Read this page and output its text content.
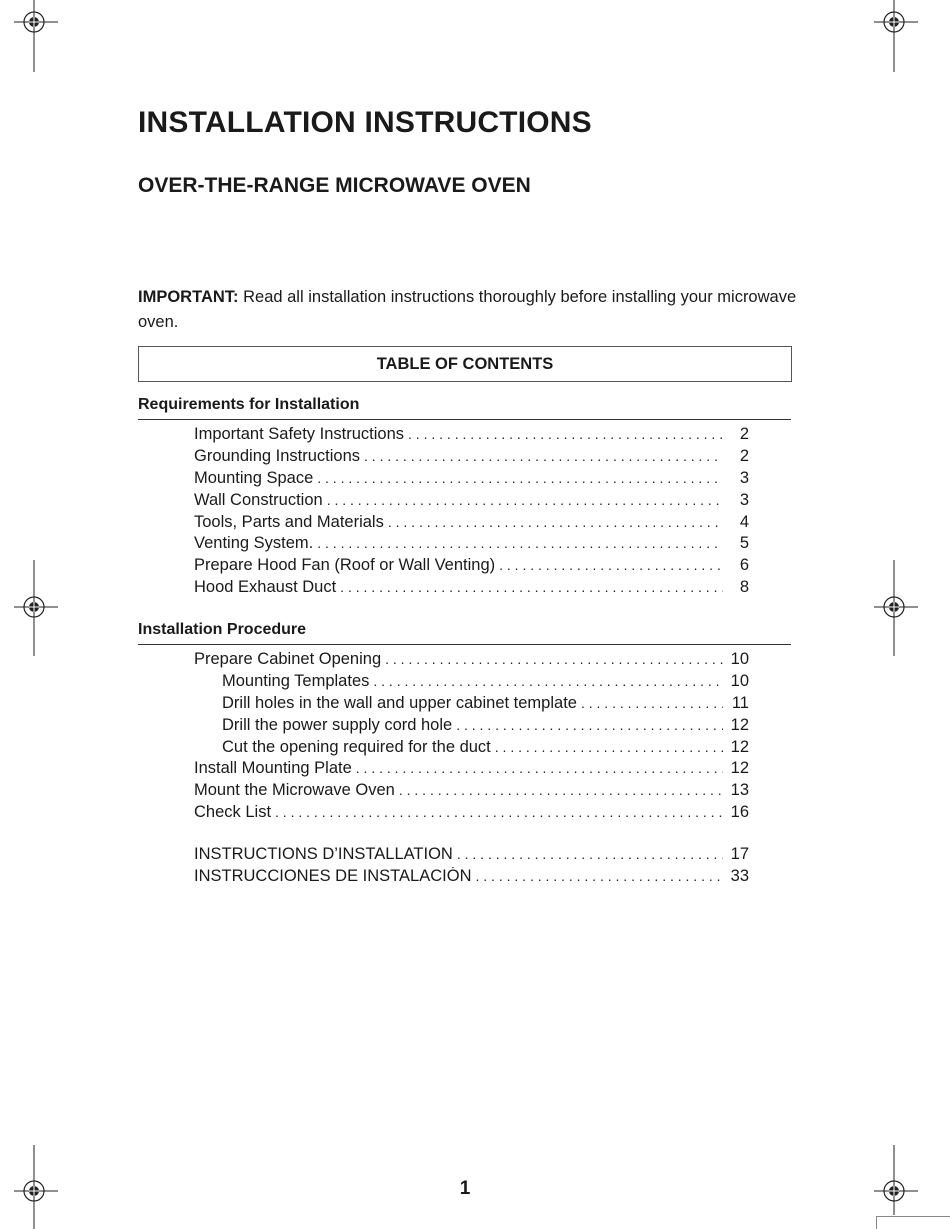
INSTALLATION INSTRUCTIONS
OVER-THE-RANGE MICROWAVE OVEN

IMPORTANT: Read all installation instructions thoroughly before installing your microwave oven.

TABLE OF CONTENTS
Requirements for Installation
Important Safety Instructions . . .	2
Grounding Instructions . . .	2
Mounting Space . . .	3
Wall Construction . . .	3
Tools, Parts and Materials . . .	4
Venting System. . . .	5
Prepare Hood Fan (Roof or Wall Venting) . . .	6
Hood Exhaust Duct . . .	8
Installation Procedure
Prepare Cabinet Opening . . .	10
Mounting Templates . . .	10
Drill holes in the wall and upper cabinet template . . .	11
Drill the power supply cord hole . . .	12
Cut the opening required for the duct . . .	12
Install Mounting Plate . . .	12
Mount the Microwave Oven . . .	13
Check List . . .	16
INSTRUCTIONS D’INSTALLATION . . .	17
INSTRUCCIONES DE INSTALACIÓN . . .	33
1
